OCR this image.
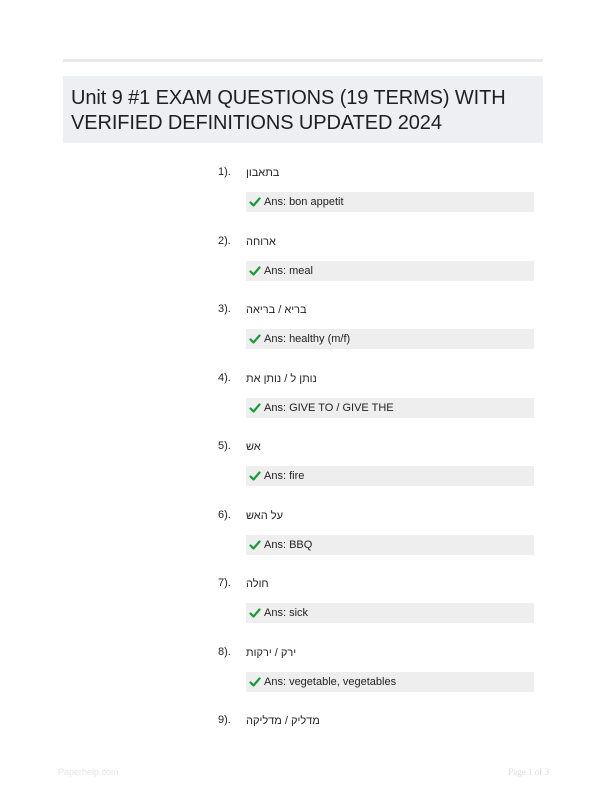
Unit 9 #1 EXAM QUESTIONS (19 TERMS) WITH VERIFIED DEFINITIONS UPDATED 2024
1). בתאבון
Ans: bon appetit
2). ארוחה
Ans: meal
3). בריא / בריאה
Ans: healthy (m/f)
4). נותן ל / נותן את
Ans: GIVE TO / GIVE THE
5). אש
Ans: fire
6). על האש
Ans: BBQ
7). חולה
Ans: sick
8). ירק / ירקות
Ans: vegetable, vegetables
9). מדליק / מדליקה
Paperhelp.com	Page 1 of 3
